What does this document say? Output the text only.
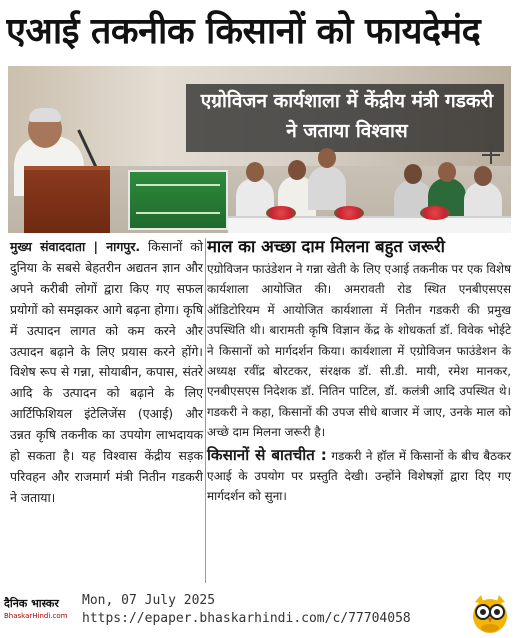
एआई तकनीक किसानों को फायदेमंद
एग्रोविजन कार्यशाला में केंद्रीय मंत्री गडकरी ने जताया विश्वास
मुख्य संवाददाता | नागपुर. किसानों को दुनिया के सबसे बेहतरीन अद्यतन ज्ञान और अपने करीबी लोगों द्वारा किए गए सफल प्रयोगों को समझकर आगे बढ़ना होगा। कृषि में उत्पादन लागत को कम करने और उत्पादन बढ़ाने के लिए प्रयास करने होंगे। विशेष रूप से गन्ना, सोयाबीन, कपास, संतरे आदि के उत्पादन को बढ़ाने के लिए आर्टिफिशियल इंटेलिजेंस (एआई) और उन्नत कृषि तकनीक का उपयोग लाभदायक हो सकता है। यह विश्वास केंद्रीय सड़क परिवहन और राजमार्ग मंत्री नितीन गडकरी ने जताया।
माल का अच्छा दाम मिलना बहुत जरूरी

एग्रोविजन फाउंडेशन ने गन्ना खेती के लिए एआई तकनीक पर एक विशेष कार्यशाला आयोजित की। अमरावती रोड स्थित एनबीएसएस ऑडिटोरियम में आयोजित कार्यशाला में नितीन गडकरी की प्रमुख उपस्थिति थी। बारामती कृषि विज्ञान केंद्र के शोधकर्ता डॉ. विवेक भोईटे ने किसानों को मार्गदर्शन किया। कार्यशाला में एग्रोविजन फाउंडेशन के अध्यक्ष रवींद्र बोरटकर, संरक्षक डॉ. सी.डी. मायी, रमेश मानकर, एनबीएसएस निदेशक डॉ. नितिन पाटिल, डॉ. कलंत्री आदि उपस्थित थे। गडकरी ने कहा, किसानों की उपज सीधे बाजार में जाए, उनके माल को अच्छे दाम मिलना जरूरी है।

किसानों से बातचीत : गडकरी ने हॉल में किसानों के बीच बैठकर एआई के उपयोग पर प्रस्तुति देखी। उन्होंने विशेषज्ञों द्वारा दिए गए मार्गदर्शन को सुना।

दैनिक भास्कर
BhaskarHindi.com
Mon, 07 July 2025
https://epaper.bhaskarhindi.com/c/77704058
